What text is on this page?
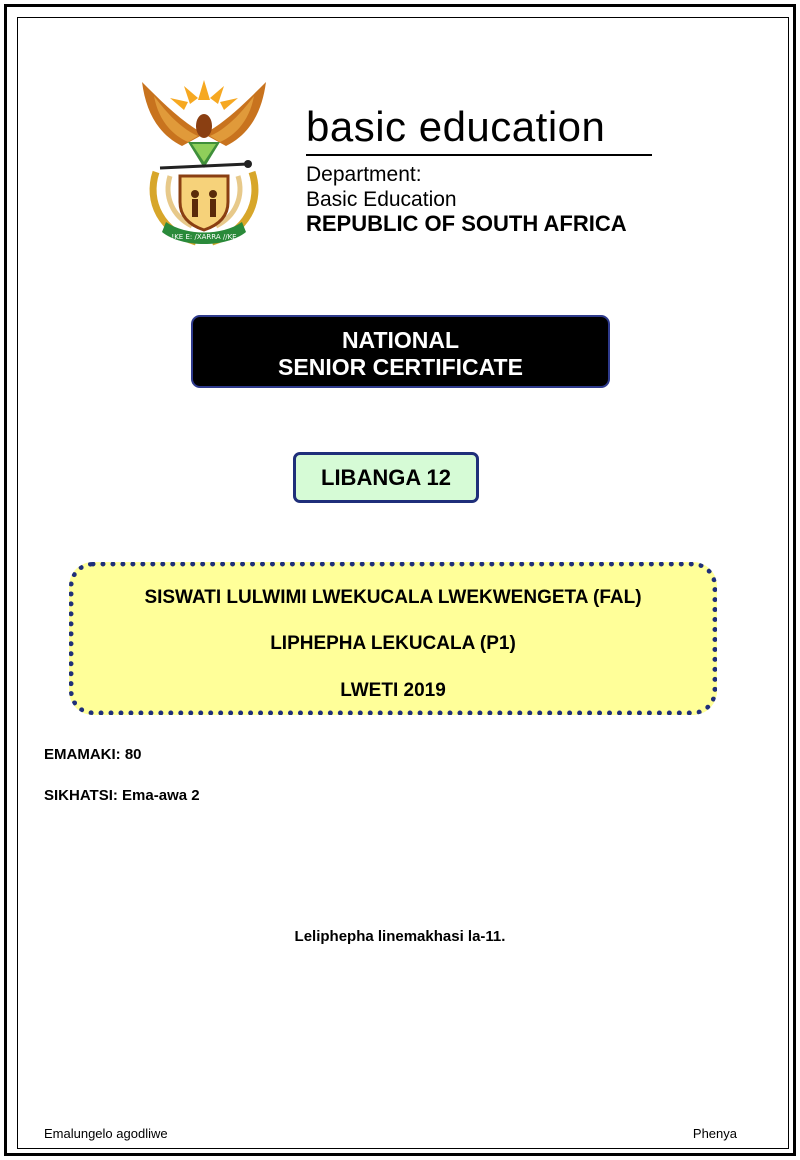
!KE E: /XARRA //KE
basic education
Department:
Basic Education
REPUBLIC OF SOUTH AFRICA
NATIONAL
SENIOR CERTIFICATE
LIBANGA 12
SISWATI LULWIMI LWEKUCALA LWEKWENGETA (FAL)
LIPHEPHA LEKUCALA (P1)
LWETI 2019
EMAMAKI: 80
SIKHATSI: Ema-awa 2
Leliphepha linemakhasi la-11.
Emalungelo agodliwe	Phenya
